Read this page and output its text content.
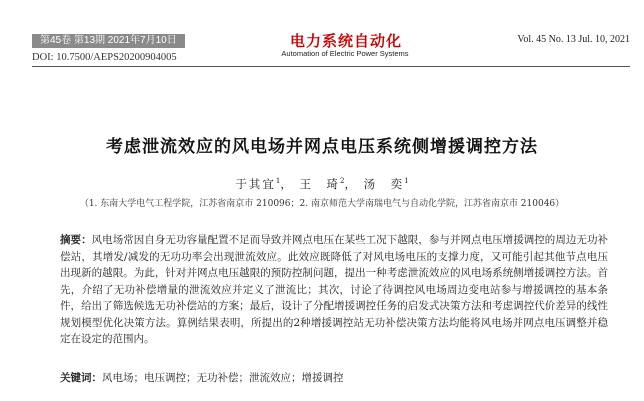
第45卷 第13期 2021年7月10日
DOI: 10.7500/AEPS20200904005
电力系统自动化
Automation of Electric Power Systems
Vol. 45 No. 13 Jul. 10, 2021
考虑泄流效应的风电场并网点电压系统侧增援调控方法
于其宜$^1$， 王　琦$^2$， 汤　奕$^1$
（1. 东南大学电气工程学院，江苏省南京市 210096；2. 南京师范大学南瑞电气与自动化学院，江苏省南京市 210046）
摘要：风电场常因自身无功容量配置不足而导致并网点电压在某些工况下越限，参与并网点电压增援调控的周边无功补偿站，其增发/减发的无功功率会出现泄流效应。此效应既降低了对风电场电压的支撑力度，又可能引起其他节点电压出现新的越限。为此，针对并网点电压越限的预防控制问题，提出一种考虑泄流效应的风电场系统侧增援调控方法。首先，介绍了无功补偿增量的泄流效应并定义了泄流比；其次，讨论了待调控风电场周边变电站参与增援调控的基本条件，给出了筛选候选无功补偿站的方案；最后，设计了分配增援调控任务的启发式决策方法和考虑调控代价差异的线性规划模型优化决策方法。算例结果表明，所提出的2种增援调控站无功补偿决策方法均能将风电场并网点电压调整并稳定在设定的范围内。
关键词：风电场；电压调控；无功补偿；泄流效应；增援调控
